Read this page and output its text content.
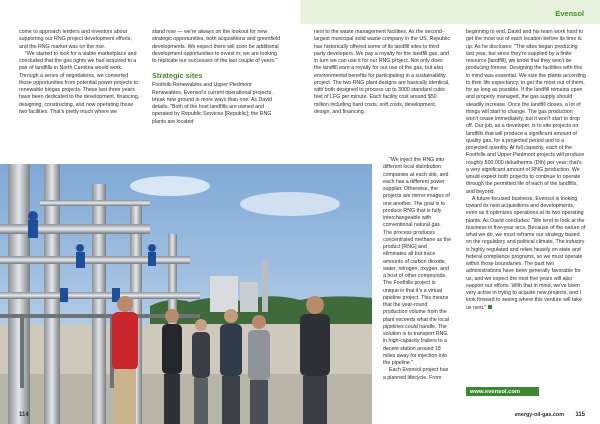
Evensol

come to approach lenders and investors about supporting our RNG project development efforts, and the RNG market was on the rise.

"We started to look for a viable marketplace and concluded that the gas rights we had acquired to a pair of landfills in North Carolina would work. Through a series of negotiations, we converted those opportunities from potential power projects to renewable biogas projects. These last three years have been dedicated to the development, financing, designing, constructing, and now operating those two facilities. That's pretty much where we

stand now — we're always on the lookout for new strategic opportunities, both acquisitions and greenfield developments. We expect there will soon be additional development opportunities to invest in; we are looking to replicate our successes of the last couple of years."

Strategic sites

Foothills Renewables and Upper Piedmont Renewables, Evensol's current operational projects, break new ground in more ways than one. As David details: "Both of the host landfills are owned and operated by Republic Services [Republic]; the RNG plants are located

next to the waste management facilities. As the second-largest municipal solid waste company in the US, Republic has historically offered some of its landfill sites to third party developers. We pay a royalty for the landfill gas, and in turn we can use it for our RNG project. Not only does the landfill earn a royalty for our use of the gas, but also environmental benefits for participating in a sustainability project. The two RNG plant designs are basically identical, with both designed to process up to 3000 standard cubic feet of LFG per minute. Each facility cost around $50 million including hard costs, soft costs, development, design, and financing.

"We inject the RNG into different local distribution companies at each site, and each has a different power supplier. Otherwise, the projects are mirror images of one another. The goal is to produce RNG that is fully interchangeable with conventional natural gas. The process produces concentrated methane as the product [RNG] and eliminates all but trace amounts of carbon dioxide, water, nitrogen, oxygen, and a host of other compounds. The Foothills project is unique in that it's a virtual pipeline project. This means that the year-round production volume from the plant exceeds what the local pipelines could handle. The solution is to transport RNG in high-capacity trailers to a decent station around 18 miles away for injection into the pipeline."

Each Evensol project has a planned lifecycle. From

beginning to end, David and his team work hard to get the most out of each location before its time is up. As he discloses: "The sites began producing last year, but since they're supplied by a finite resource [landfill], we know that they won't be producing forever. Designing the facilities with this in mind was essential. We size the plants according to their life expectancy, to get the most out of them, for as long as possible. If the landfill remains open and properly managed, the gas supply should steadily increase. Once the landfill closes, a lot of things will start to change. The gas production won't cease immediately, but it won't start to drop off. Our job, as a developer, is to site projects on landfills that will produce a significant amount of quality gas, for a projected period and to a projected quantity. At full capacity, each of the Foothills and Upper Piedmont projects will produce roughly 500,000 dekatherms (Dth) per year; that's a very significant amount of RNG production. We would expect both projects to continue to operate through the permitted life of each of the landfills, and beyond.

A future-focused business, Evensol is looking toward its next acquisitions and developments, even as it optimizes operations at its two operating plants. As David concludes: "We tend to look at the business in five-year arcs. Because of the nature of what we do, we must reframe our strategy based on the regulatory and political climate. The industry is highly regulated and relies heavily on state and federal compliance programs, so we must operate within those boundaries. The past two administrations have been generally favorable for us, and we expect the next five years will also support our efforts. With that in mind, we've been very active in trying to acquire new projects, and I look forward to seeing where this venture will take us next."

www.evensol.com
114	energy-oil-gas.com 115
